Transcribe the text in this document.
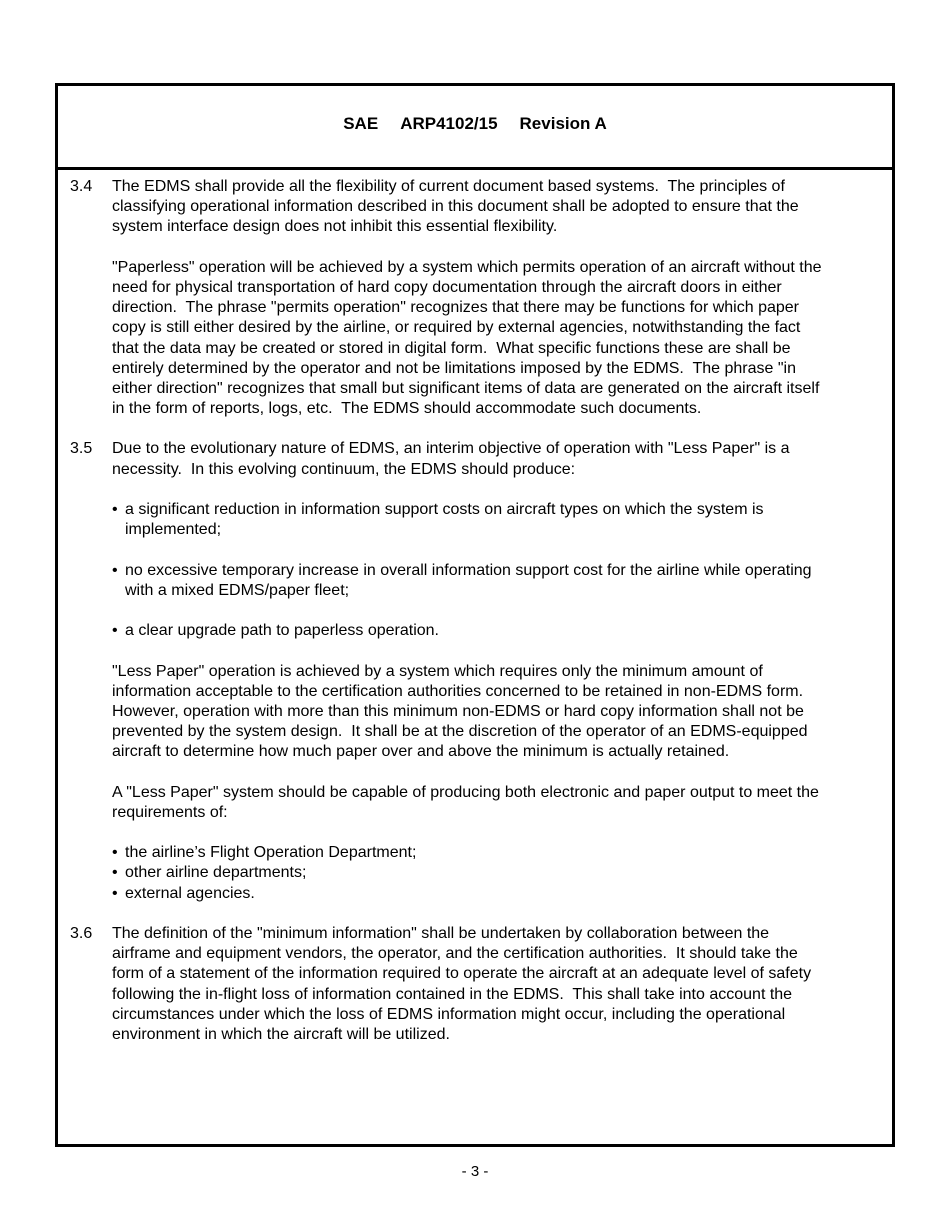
SAE ARP4102/15 Revision A
3.4 The EDMS shall provide all the flexibility of current document based systems.  The principles of
classifying operational information described in this document shall be adopted to ensure that the
system interface design does not inhibit this essential flexibility.
"Paperless" operation will be achieved by a system which permits operation of an aircraft without the
need for physical transportation of hard copy documentation through the aircraft doors in either
direction.  The phrase "permits operation" recognizes that there may be functions for which paper
copy is still either desired by the airline, or required by external agencies, notwithstanding the fact
that the data may be created or stored in digital form.  What specific functions these are shall be
entirely determined by the operator and not be limitations imposed by the EDMS.  The phrase "in
either direction" recognizes that small but significant items of data are generated on the aircraft itself
in the form of reports, logs, etc.  The EDMS should accommodate such documents.
3.5 Due to the evolutionary nature of EDMS, an interim objective of operation with "Less Paper" is a
necessity.  In this evolving continuum, the EDMS should produce:
• a significant reduction in information support costs on aircraft types on which the system is
implemented;
• no excessive temporary increase in overall information support cost for the airline while operating
with a mixed EDMS/paper fleet;
• a clear upgrade path to paperless operation.
"Less Paper" operation is achieved by a system which requires only the minimum amount of
information acceptable to the certification authorities concerned to be retained in non-EDMS form.
However, operation with more than this minimum non-EDMS or hard copy information shall not be
prevented by the system design.  It shall be at the discretion of the operator of an EDMS-equipped
aircraft to determine how much paper over and above the minimum is actually retained.
A "Less Paper" system should be capable of producing both electronic and paper output to meet the
requirements of:
• the airline’s Flight Operation Department;
• other airline departments;
• external agencies.
3.6 The definition of the "minimum information" shall be undertaken by collaboration between the
airframe and equipment vendors, the operator, and the certification authorities.  It should take the
form of a statement of the information required to operate the aircraft at an adequate level of safety
following the in-flight loss of information contained in the EDMS.  This shall take into account the
circumstances under which the loss of EDMS information might occur, including the operational
environment in which the aircraft will be utilized.
- 3 -
